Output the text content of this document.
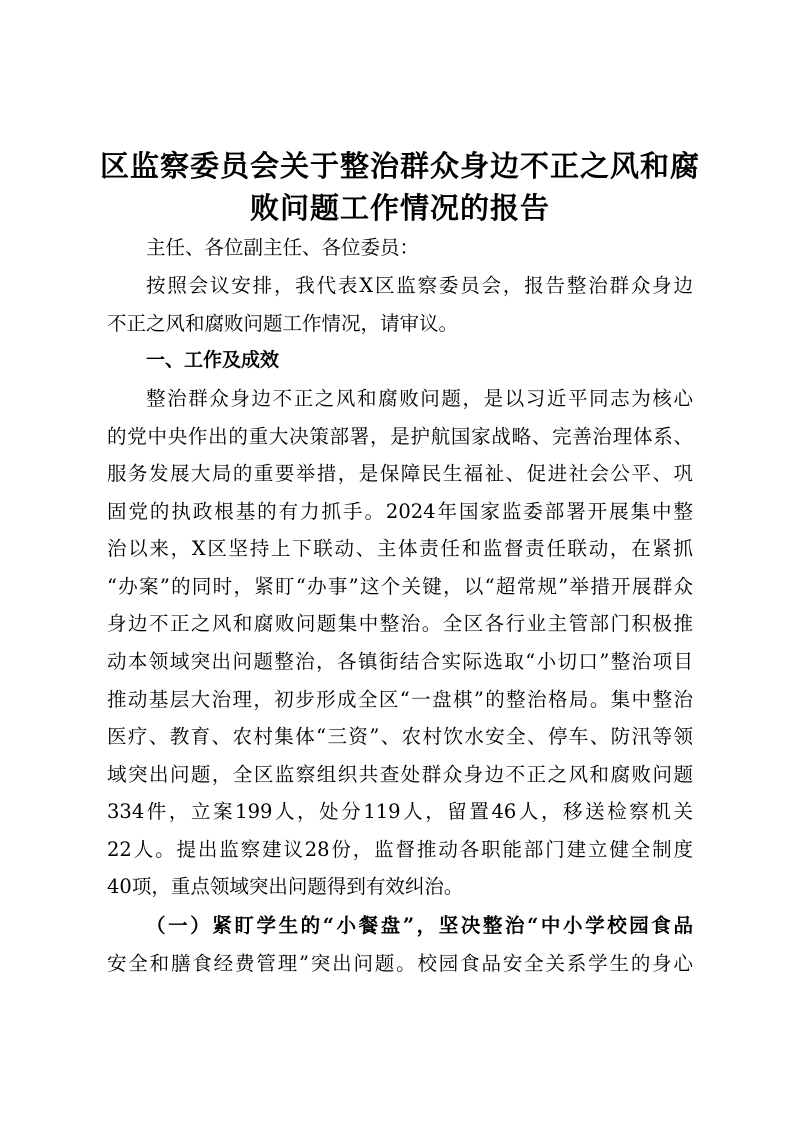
区监察委员会关于整治群众身边不正之风和腐
败问题工作情况的报告

主任、各位副主任、各位委员：

按照会议安排，我代表X区监察委员会，报告整治群众身边

不正之风和腐败问题工作情况，请审议。

一、工作及成效

整治群众身边不正之风和腐败问题，是以习近平同志为核心

的党中央作出的重大决策部署，是护航国家战略、完善治理体系、

服务发展大局的重要举措，是保障民生福祉、促进社会公平、巩

固党的执政根基的有力抓手。2024年国家监委部署开展集中整

治以来，X区坚持上下联动、主体责任和监督责任联动，在紧抓

“办案”的同时，紧盯“办事”这个关键，以“超常规”举措开展群众

身边不正之风和腐败问题集中整治。全区各行业主管部门积极推

动本领域突出问题整治，各镇街结合实际选取“小切口”整治项目

推动基层大治理，初步形成全区“一盘棋”的整治格局。集中整治

医疗、教育、农村集体“三资”、农村饮水安全、停车、防汛等领

域突出问题，全区监察组织共查处群众身边不正之风和腐败问题

334件，立案199人，处分119人，留置46人，移送检察机关

22人。提出监察建议28份，监督推动各职能部门建立健全制度

40项，重点领域突出问题得到有效纠治。

（一）紧盯学生的“小餐盘”，坚决整治“中小学校园食品

安全和膳食经费管理”突出问题。校园食品安全关系学生的身心
